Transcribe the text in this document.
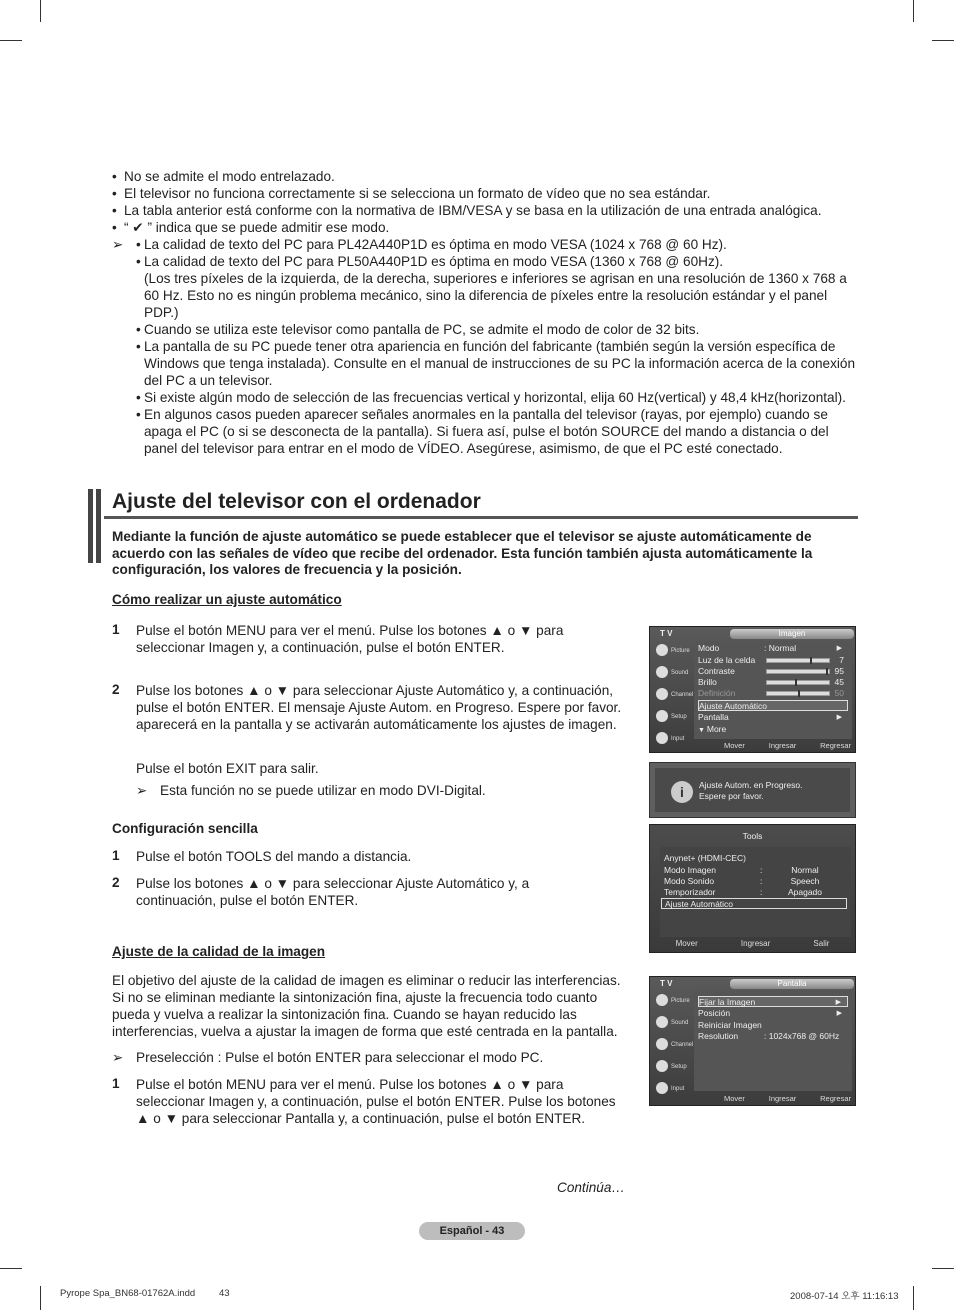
• No se admite el modo entrelazado.
• El televisor no funciona correctamente si se selecciona un formato de vídeo que no sea estándar.
• La tabla anterior está conforme con la normativa de IBM/VESA y se basa en la utilización de una entrada analógica.
• “ ✔ ” indica que se puede admitir ese modo.
➢ • La calidad de texto del PC para PL42A440P1D es óptima en modo VESA (1024 x 768 @ 60 Hz).
• La calidad de texto del PC para PL50A440P1D es óptima en modo VESA (1360 x 768 @ 60Hz).
(Los tres píxeles de la izquierda, de la derecha, superiores e inferiores se agrisan en una resolución de 1360 x 768 a 60 Hz. Esto no es ningún problema mecánico, sino la diferencia de píxeles entre la resolución estándar y el panel PDP.)
• Cuando se utiliza este televisor como pantalla de PC, se admite el modo de color de 32 bits.
• La pantalla de su PC puede tener otra apariencia en función del fabricante (también según la versión específica de Windows que tenga instalada). Consulte en el manual de instrucciones de su PC la información acerca de la conexión del PC a un televisor.
• Si existe algún modo de selección de las frecuencias vertical y horizontal, elija 60 Hz(vertical) y 48,4 kHz(horizontal).
• En algunos casos pueden aparecer señales anormales en la pantalla del televisor (rayas, por ejemplo) cuando se apaga el PC (o si se desconecta de la pantalla). Si fuera así, pulse el botón SOURCE del mando a distancia o del panel del televisor para entrar en el modo de VÍDEO. Asegúrese, asimismo, de que el PC esté conectado.
Ajuste del televisor con el ordenador
Mediante la función de ajuste automático se puede establecer que el televisor se ajuste automáticamente de acuerdo con las señales de vídeo que recibe del ordenador. Esta función también ajusta automáticamente la configuración, los valores de frecuencia y la posición.
Cómo realizar un ajuste automático
1 Pulse el botón MENU para ver el menú. Pulse los botones ▲ o ▼ para seleccionar Imagen y, a continuación, pulse el botón ENTER.
2 Pulse los botones ▲ o ▼ para seleccionar Ajuste Automático y, a continuación, pulse el botón ENTER. El mensaje Ajuste Autom. en Progreso. Espere por favor. aparecerá en la pantalla y se activarán automáticamente los ajustes de imagen.
Pulse el botón EXIT para salir.
➢ Esta función no se puede utilizar en modo DVI-Digital.
Configuración sencilla
1 Pulse el botón TOOLS del mando a distancia.
2 Pulse los botones ▲ o ▼ para seleccionar Ajuste Automático y, a continuación, pulse el botón ENTER.
Ajuste de la calidad de la imagen
El objetivo del ajuste de la calidad de imagen es eliminar o reducir las interferencias. Si no se eliminan mediante la sintonización fina, ajuste la frecuencia todo cuanto pueda y vuelva a realizar la sintonización fina. Cuando se hayan reducido las interferencias, vuelva a ajustar la imagen de forma que esté centrada en la pantalla.
➢ Preselección : Pulse el botón ENTER para seleccionar el modo PC.
1 Pulse el botón MENU para ver el menú. Pulse los botones ▲ o ▼ para seleccionar Imagen y, a continuación, pulse el botón ENTER. Pulse los botones ▲ o ▼ para seleccionar Pantalla y, a continuación, pulse el botón ENTER.
T V	Imagen
Picture
Sound
Channel
Setup
Input
Modo	: Normal	▶
Luz de la celda	7
Contraste	95
Brillo	45
Definición	50
Ajuste Automático
Pantalla	▶
▼ More
Mover	Ingresar	Regresar
i	Ajuste Autom. en Progreso.
Espere por favor.
Tools
Anynet+ (HDMI-CEC)
Modo Imagen	:	Normal
Modo Sonido	:	Speech
Temporizador	:	Apagado
Ajuste Automático
Mover	Ingresar	Salir
T V	Pantalla
Picture
Sound
Channel
Setup
Input
Fijar la Imagen	▶
Posición	▶
Reiniciar Imagen
Resolution	: 1024x768 @ 60Hz
Mover	Ingresar	Regresar
Continúa…
Español - 43
Pyrope Spa_BN68-01762A.indd	43	2008-07-14 오후 11:16:13
